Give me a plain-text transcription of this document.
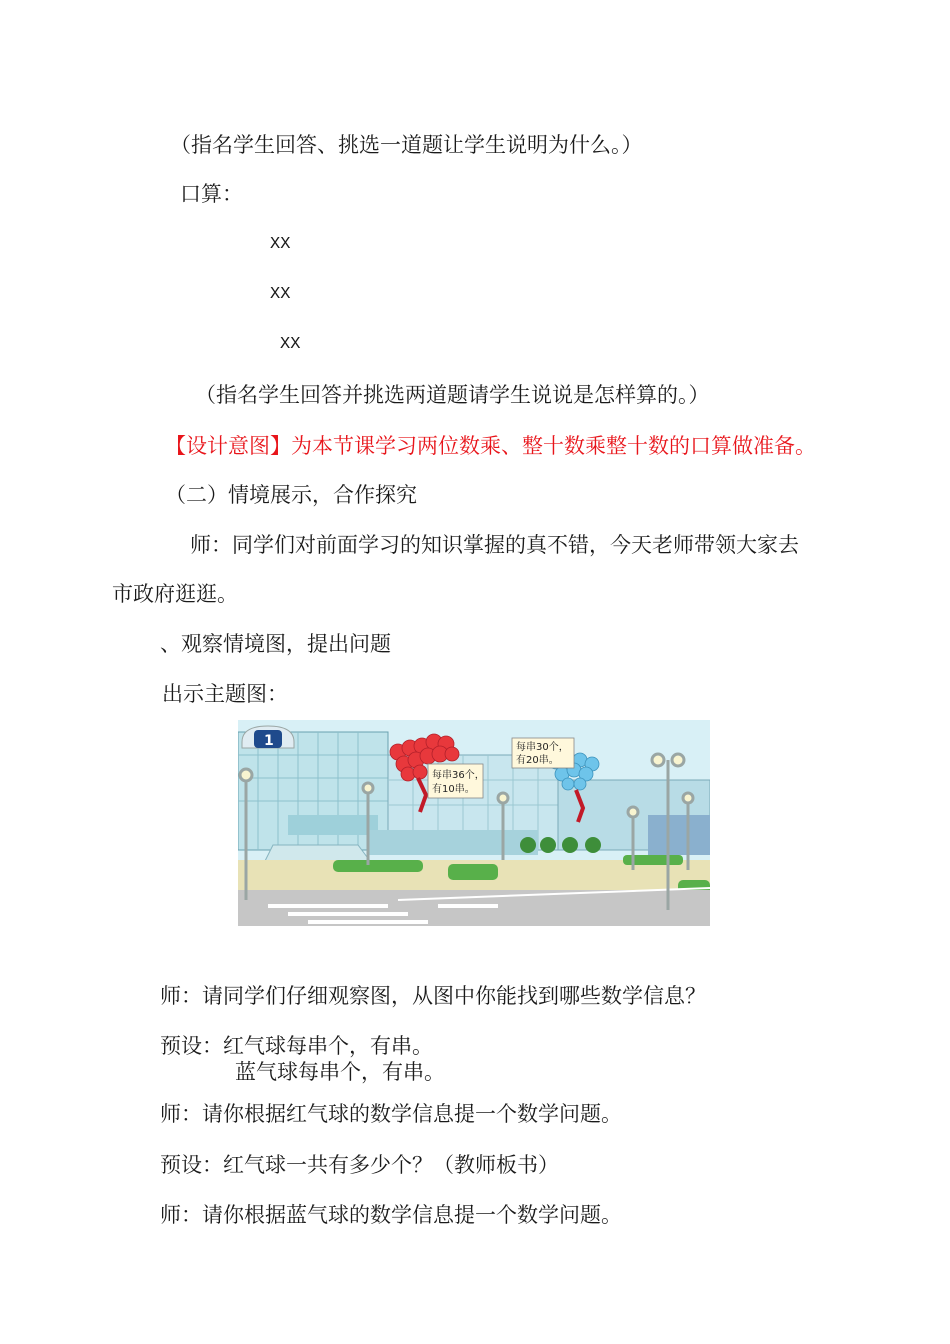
（指名学生回答、挑选一道题让学生说明为什么。）
口算：
XX
XX
XX
（指名学生回答并挑选两道题请学生说说是怎样算的。）
【设计意图】为本节课学习两位数乘、整十数乘整十数的口算做准备。
（二）情境展示，合作探究
师：同学们对前面学习的知识掌握的真不错，今天老师带领大家去
市政府逛逛。
、观察情境图，提出问题
出示主题图：
每串36个，
有10串。
每串30个，
有20串。
1
师：请同学们仔细观察图，从图中你能找到哪些数学信息？
预设：红气球每串个，有串。
蓝气球每串个，有串。
师：请你根据红气球的数学信息提一个数学问题。
预设：红气球一共有多少个？（教师板书）
师：请你根据蓝气球的数学信息提一个数学问题。
